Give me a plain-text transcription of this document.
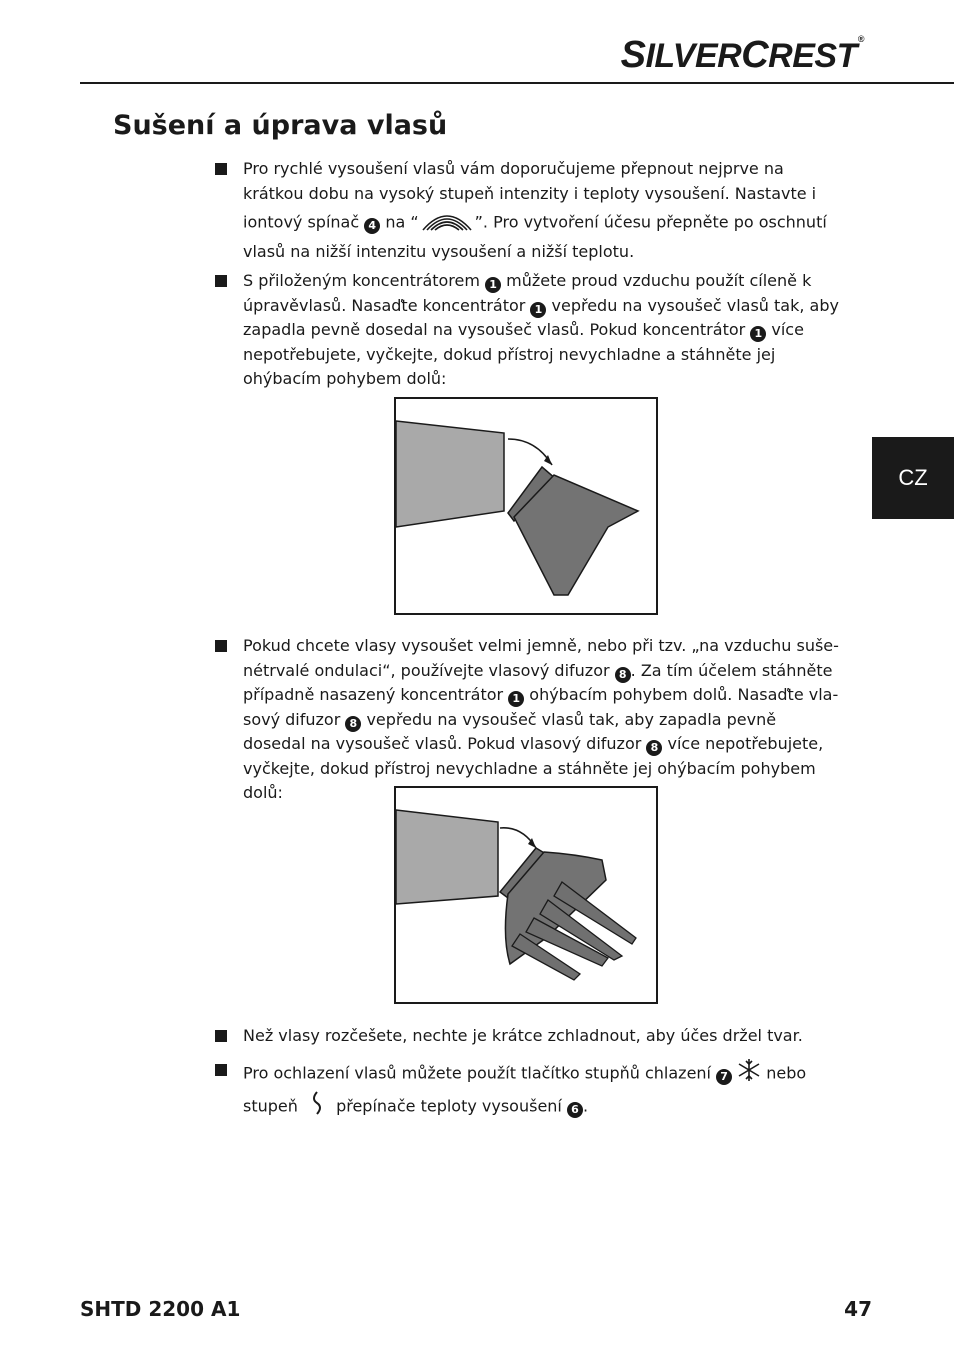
SILVERCREST®
Sušení a úprava vlasů
CZ
Pro rychlé vysoušení vlasů vám doporučujeme přepnout nejprve na krátkou dobu na vysoký stupeň intenzity i teploty vysoušení. Nastavte i iontový spínač 4 na “	”. Pro vytvoření účesu přepněte po oschnutí vlasů na nižší intenzitu vysoušení a nižší teplotu.
S přiloženým koncentrátorem 1 můžete proud vzduchu použít cíleně k úpravěvlasů. Nasaďte koncentrátor 1 vepředu na vysoušeč vlasů tak, aby zapadla pevně dosedal na vysoušeč vlasů. Pokud koncentrátor 1 více nepotřebujete, vyčkejte, dokud přístroj nevychladne a stáhněte jej ohýbacím pohybem dolů:
Pokud chcete vlasy vysoušet velmi jemně, nebo při tzv. „na vzduchu suše-nétrvalé ondulaci“, používejte vlasový difuzor 8 . Za tím účelem stáhněte případně nasazený koncentrátor 1 ohýbacím pohybem dolů. Nasaďte vla-sový difuzor 8 vepředu na vysoušeč vlasů tak, aby zapadla pevně dosedal na vysoušeč vlasů. Pokud vlasový difuzor 8 více nepotřebujete, vyčkejte, dokud přístroj nevychladne a stáhněte jej ohýbacím pohybem dolů:
Než vlasy rozčešete, nechte je krátce zchladnout, aby účes držel tvar.
Pro ochlazení vlasů můžete použít tlačítko stupňů chlazení 7  nebo stupeň  přepínače teploty vysoušení 6 .
SHTD 2200 A1	47
